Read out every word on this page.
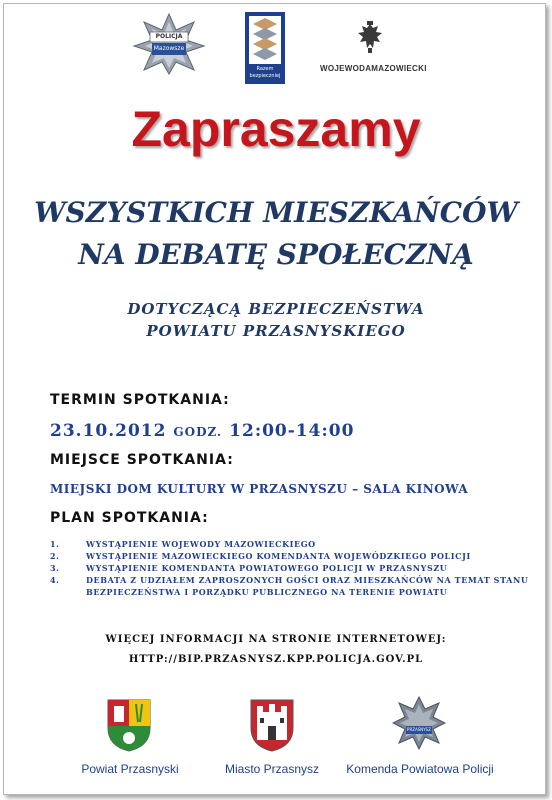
POLICJA
Mazowsze
Razem bezpieczniej
WOJEWODAMAZOWIECKI
Zapraszamy
WSZYSTKICH MIESZKAŃCÓW
NA DEBATĘ SPOŁECZNĄ
DOTYCZĄCĄ BEZPIECZEŃSTWA
POWIATU PRZASNYSKIEGO
TERMIN SPOTKANIA:
23.10.2012 GODZ. 12:00-14:00
MIEJSCE SPOTKANIA:
MIEJSKI DOM KULTURY W PRZASNYSZU – SALA KINOWA
PLAN SPOTKANIA:
1.	WYSTĄPIENIE WOJEWODY MAZOWIECKIEGO
2.	WYSTĄPIENIE MAZOWIECKIEGO KOMENDANTA WOJEWÓDZKIEGO POLICJI
3.	WYSTĄPIENIE KOMENDANTA POWIATOWEGO POLICJI W PRZASNYSZU
4.	DEBATA Z UDZIAŁEM ZAPROSZONYCH GOŚCI ORAZ MIESZKAŃCÓW NA TEMAT STANU BEZPIECZEŃSTWA I PORZĄDKU PUBLICZNEGO NA TERENIE POWIATU
WIĘCEJ INFORMACJI NA STRONIE INTERNETOWEJ:
HTTP://BIP.PRZASNYSZ.KPP.POLICJA.GOV.PL
PRZASNYSZ
Powiat Przasnyski	Miasto Przasnysz	Komenda Powiatowa Policji
